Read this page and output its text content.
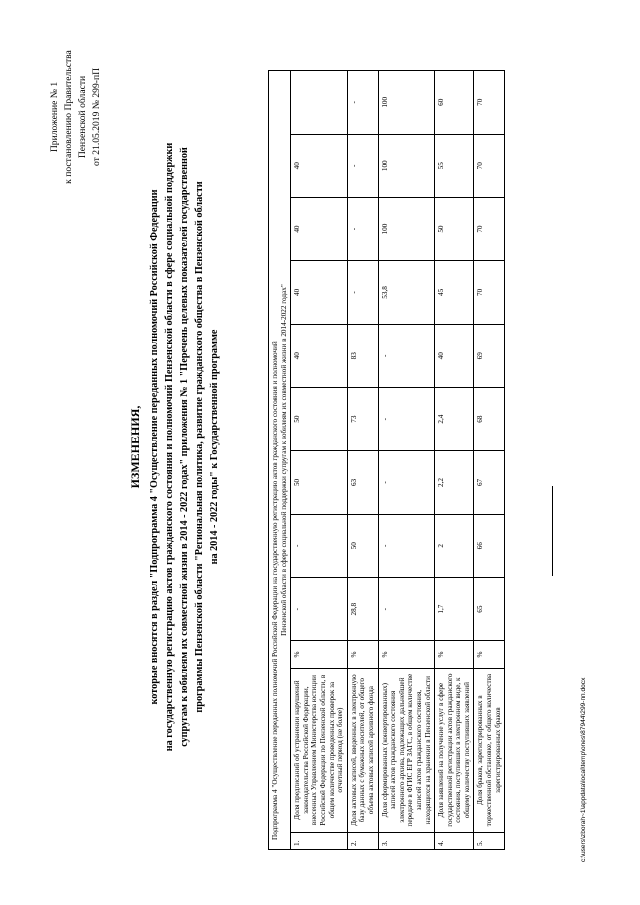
Приложение № 1 к постановлению Правительства Пензенской области от 21.05.2019 № 299-пП
ИЗМЕНЕНИЯ, которые вносятся в раздел "Подпрограмма 4 "Осуществление переданных полномочий Российской Федерации на государственную регистрацию актов гражданского состояния и полномочий Пензенской области в сфере социальной поддержки супругам к юбилеям их совместной жизни в 2014 - 2022 годах" приложения № 1 "Перечень целевых показателей государственной программы Пензенской области "Региональная политика, развитие гражданского общества в Пензенской области на 2014 - 2022 годы" к Государственной программе	Подпрограмма 4 "Осуществление переданных полномочий Российской Федерации на государственную регистрацию актов гражданского состояния и полномочий Пензенской области в сфере социальной поддержки супругам к юбилеям их совместной жизни в 2014-2022 годах"											

1.	Доля предписаний об устранении нарушений законодательства Российской Федерации, внесенных Управлением Министерства юстиции Российской Федерации по Пензенской области, в общем количестве проведенных проверок за отчетный период (не более)	%	-	-	50	50	40	40	40	40	
2.	Доля актовых записей, введенных в электронную базу данных с бумажных носителей, от общего объема актовых записей архивного фонда	%	28,8	50	63	73	83	-	-	-	-
3.	Доля сформированных (конвертированных) записей актов гражданского состояния электронного архива, подлежащих дальнейшей передаче в ФГИС ЕГР ЗАГС, в общем количестве записей актов гражданского состояния, находящихся на хранении в Пензенской области	%	-	-	-	-	-	53,8	100	100	100
4.	Доля заявлений на получение услуг в сфере государственной регистрации актов гражданского состояния, поступивших в электронном виде, к общему количеству поступивших заявлений	%	1,7	2	2,2	2,4	40	45	50	55	60
5.	Доля браков, зарегистрированных в торжественной обстановке, от общего количества зарегистрированных браков	%	65	66	67	68	69	70	70	70	70
c:\users\zborah~1\appdata\local\temp\ones\87944\299-пп.docx
